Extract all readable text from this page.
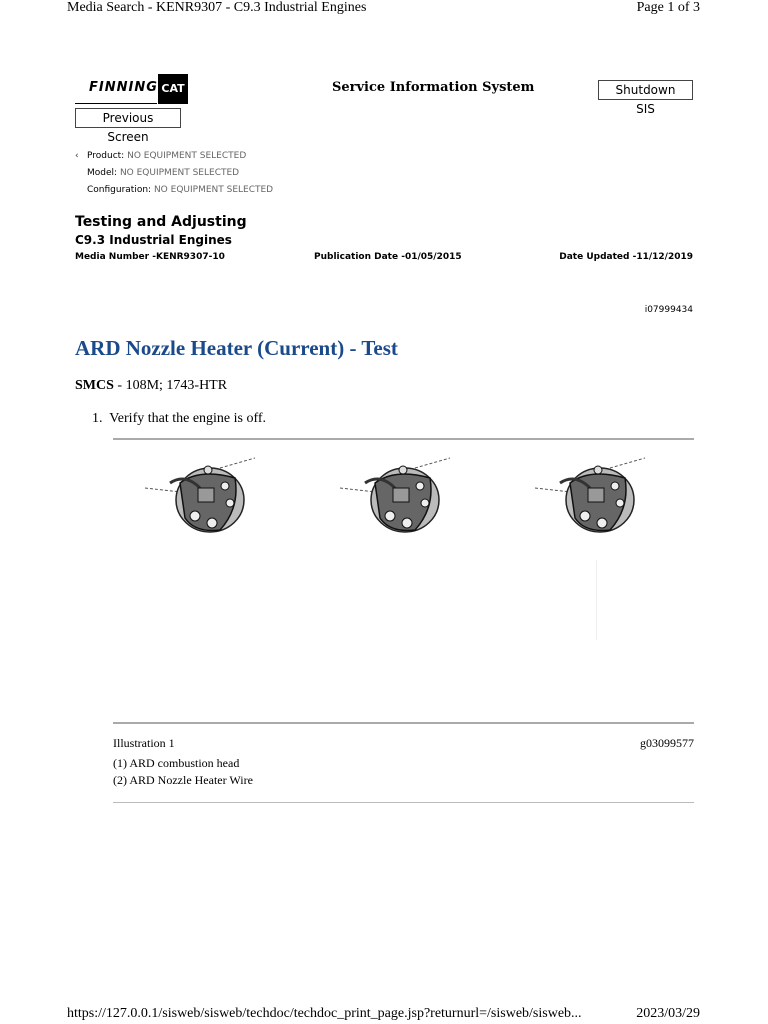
Media Search - KENR9307 - C9.3 Industrial Engines	Page 1 of 3
FINNING CAT	Service Information System	Shutdown SIS
Previous Screen
‹ Product: NO EQUIPMENT SELECTED
Model: NO EQUIPMENT SELECTED
Configuration: NO EQUIPMENT SELECTED
Testing and Adjusting
C9.3 Industrial Engines
Media Number -KENR9307-10	Publication Date -01/05/2015	Date Updated -11/12/2019
i07999434
ARD Nozzle Heater (Current) - Test
SMCS - 108M; 1743-HTR
1. Verify that the engine is off.
Illustration 1	g03099577
(1) ARD combustion head
(2) ARD Nozzle Heater Wire
https://127.0.0.1/sisweb/sisweb/techdoc/techdoc_print_page.jsp?returnurl=/sisweb/sisweb...	2023/03/29
